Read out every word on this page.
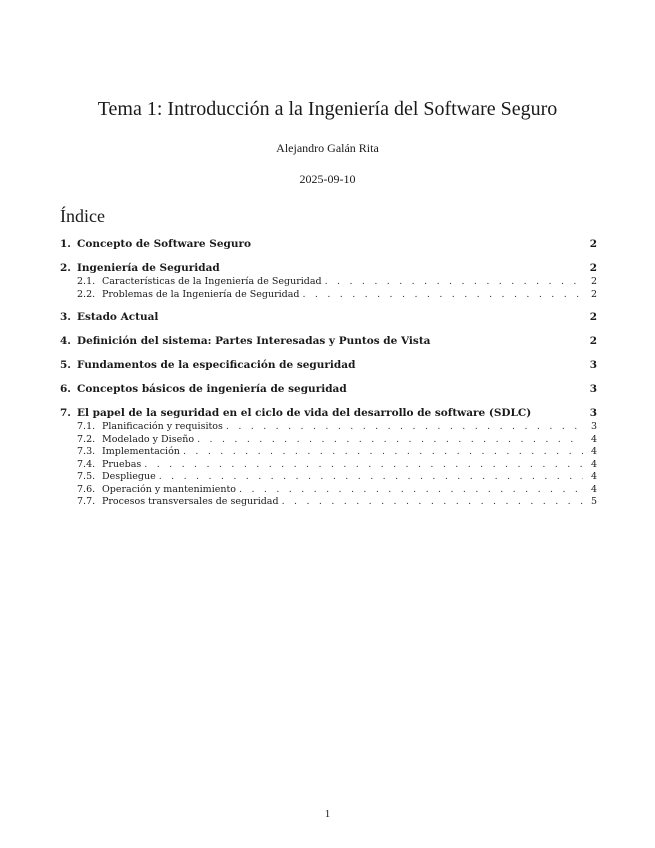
Tema 1: Introducción a la Ingeniería del Software Seguro
Alejandro Galán Rita
2025-09-10
Índice
1. Concepto de Software Seguro	2
2. Ingeniería de Seguridad	2
2.1. Características de la Ingeniería de Seguridad . . .	2
2.2. Problemas de la Ingeniería de Seguridad . . .	2
3. Estado Actual	2
4. Definición del sistema: Partes Interesadas y Puntos de Vista	2
5. Fundamentos de la especificación de seguridad	3
6. Conceptos básicos de ingeniería de seguridad	3
7. El papel de la seguridad en el ciclo de vida del desarrollo de software (SDLC)	3
7.1. Planificación y requisitos . . .	3
7.2. Modelado y Diseño . . .	4
7.3. Implementación . . .	4
7.4. Pruebas . . .	4
7.5. Despliegue . . .	4
7.6. Operación y mantenimiento . . .	4
7.7. Procesos transversales de seguridad . . .	5
1
